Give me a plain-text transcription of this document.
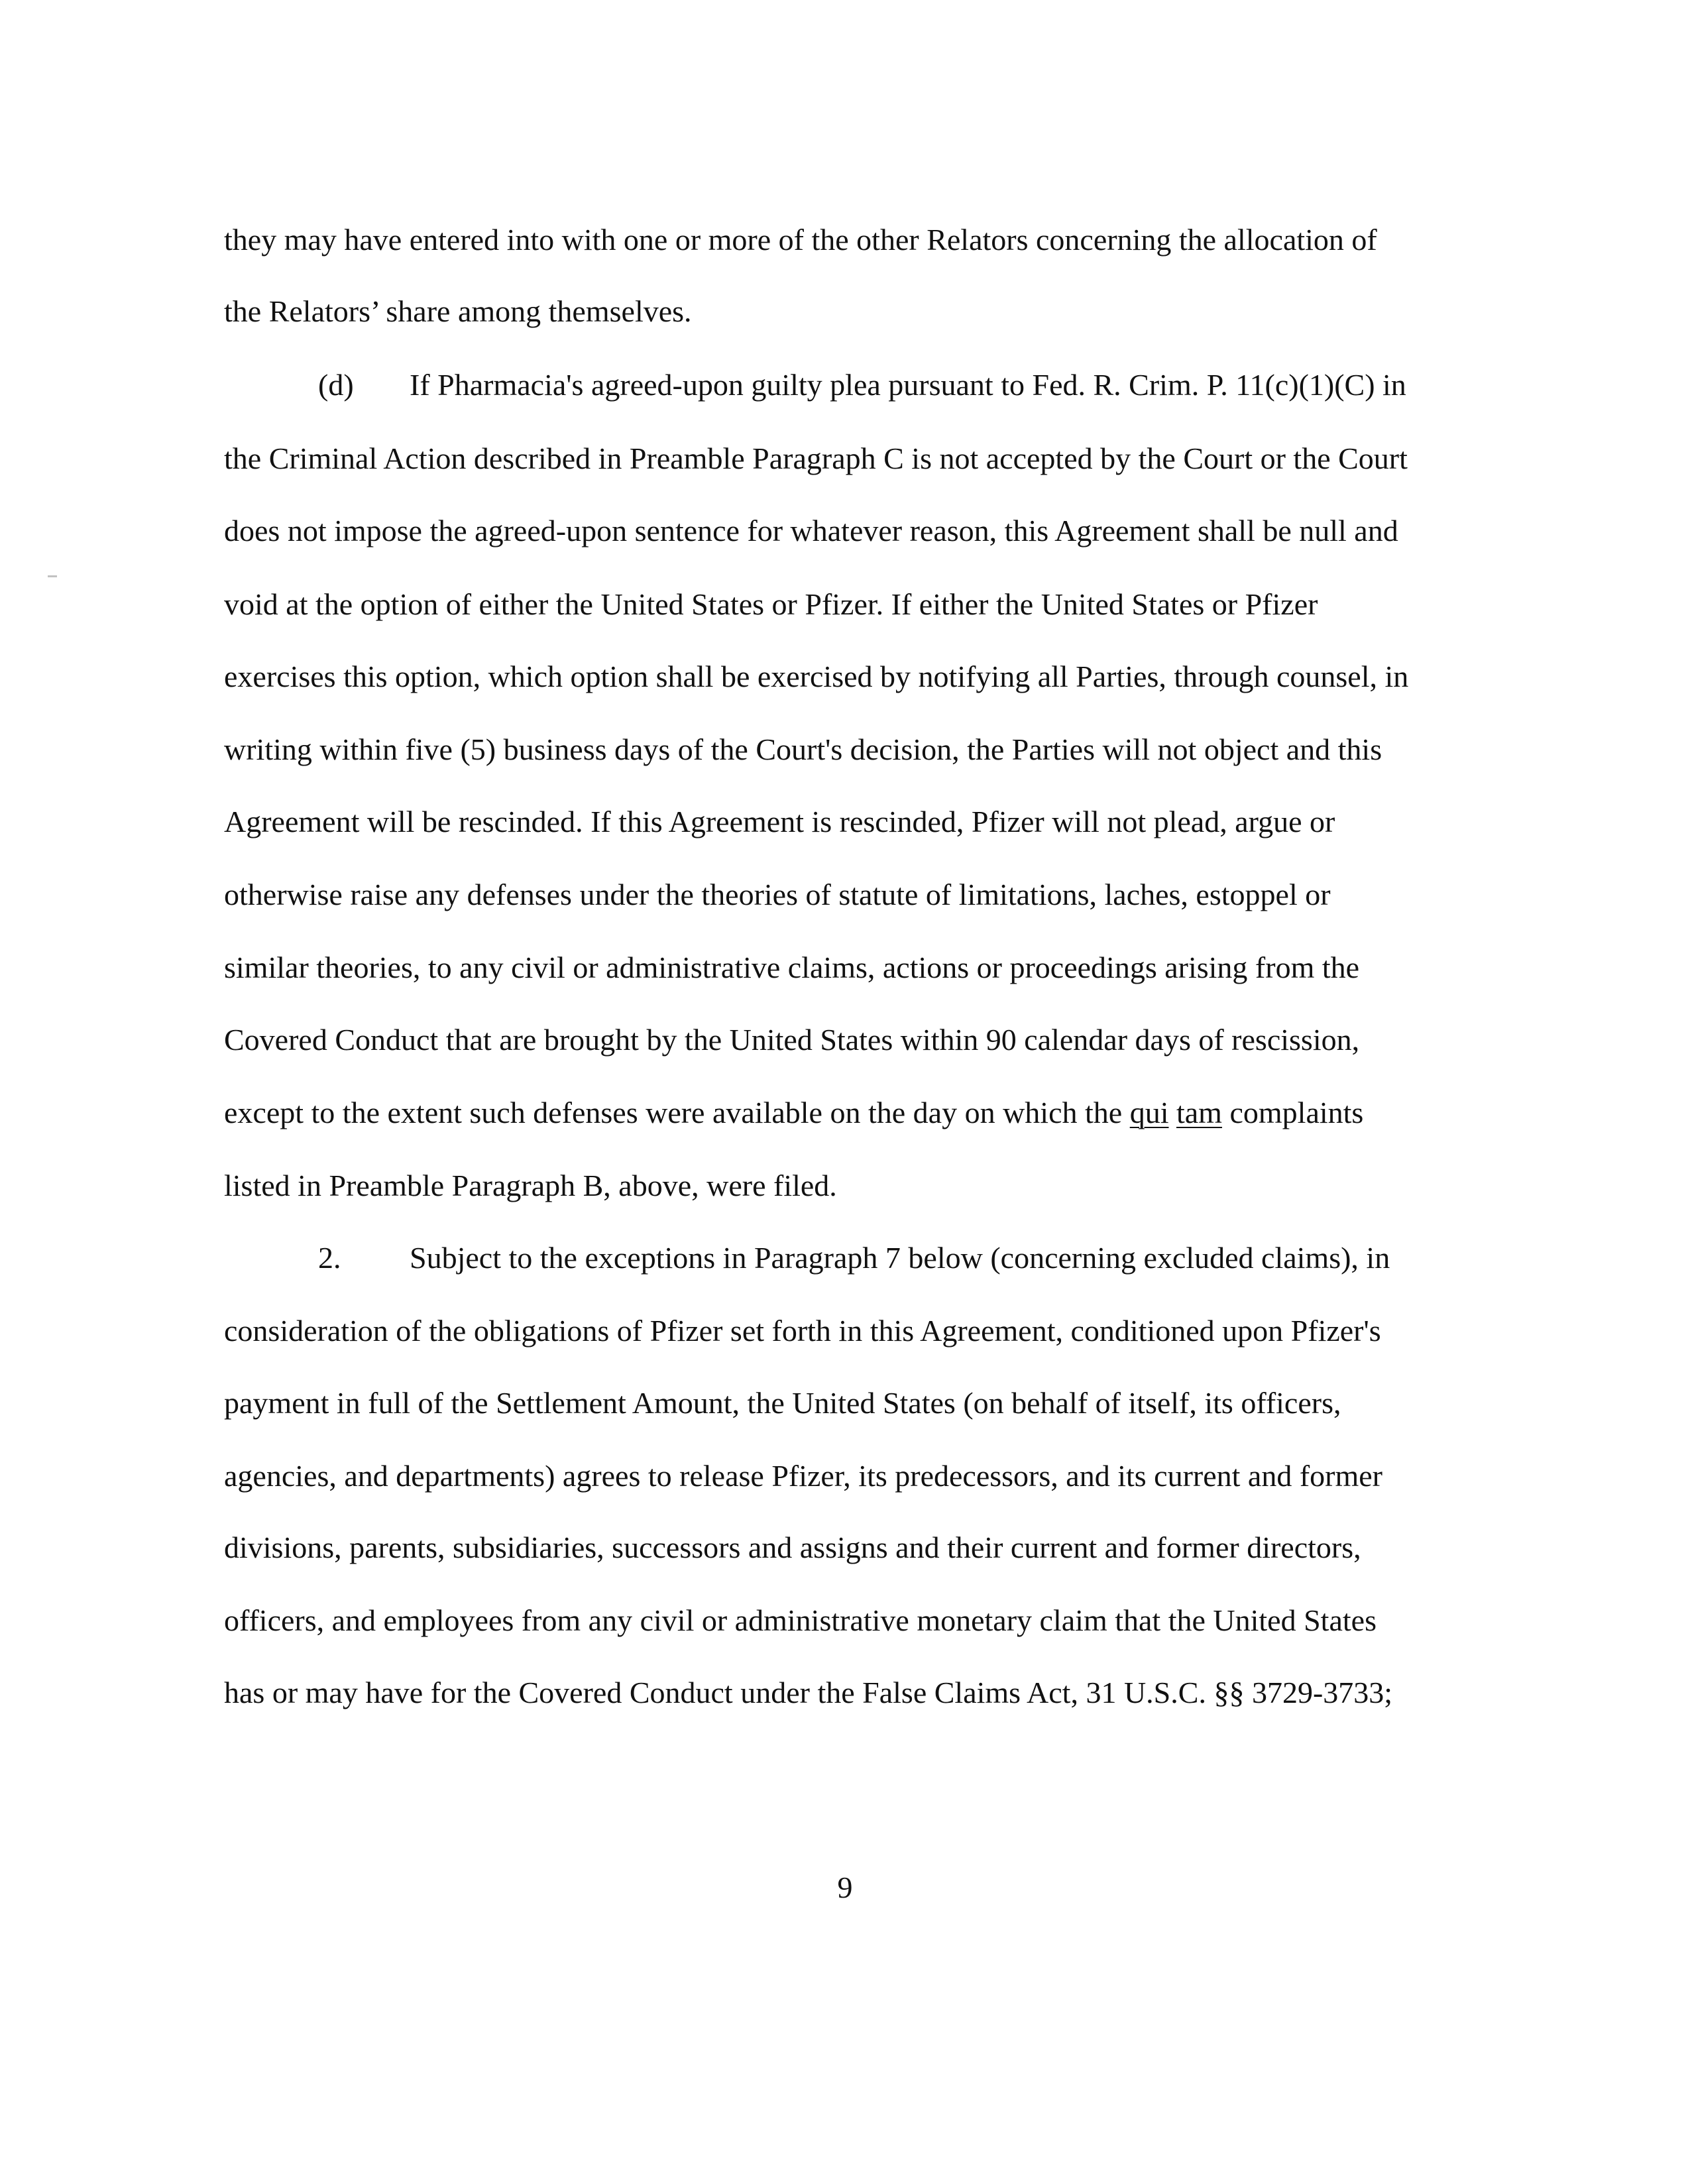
they may have entered into with one or more of the other Relators concerning the allocation of
the Relators’ share among themselves.
(d) If Pharmacia's agreed-upon guilty plea pursuant to Fed. R. Crim. P. 11(c)(1)(C) in
the Criminal Action described in Preamble Paragraph C is not accepted by the Court or the Court
does not impose the agreed-upon sentence for whatever reason, this Agreement shall be null and
void at the option of either the United States or Pfizer. If either the United States or Pfizer
exercises this option, which option shall be exercised by notifying all Parties, through counsel, in
writing within five (5) business days of the Court's decision, the Parties will not object and this
Agreement will be rescinded. If this Agreement is rescinded, Pfizer will not plead, argue or
otherwise raise any defenses under the theories of statute of limitations, laches, estoppel or
similar theories, to any civil or administrative claims, actions or proceedings arising from the
Covered Conduct that are brought by the United States within 90 calendar days of rescission,
except to the extent such defenses were available on the day on which the qui tam complaints
listed in Preamble Paragraph B, above, were filed.
2. Subject to the exceptions in Paragraph 7 below (concerning excluded claims), in
consideration of the obligations of Pfizer set forth in this Agreement, conditioned upon Pfizer's
payment in full of the Settlement Amount, the United States (on behalf of itself, its officers,
agencies, and departments) agrees to release Pfizer, its predecessors, and its current and former
divisions, parents, subsidiaries, successors and assigns and their current and former directors,
officers, and employees from any civil or administrative monetary claim that the United States
has or may have for the Covered Conduct under the False Claims Act, 31 U.S.C. §§ 3729-3733;
9
